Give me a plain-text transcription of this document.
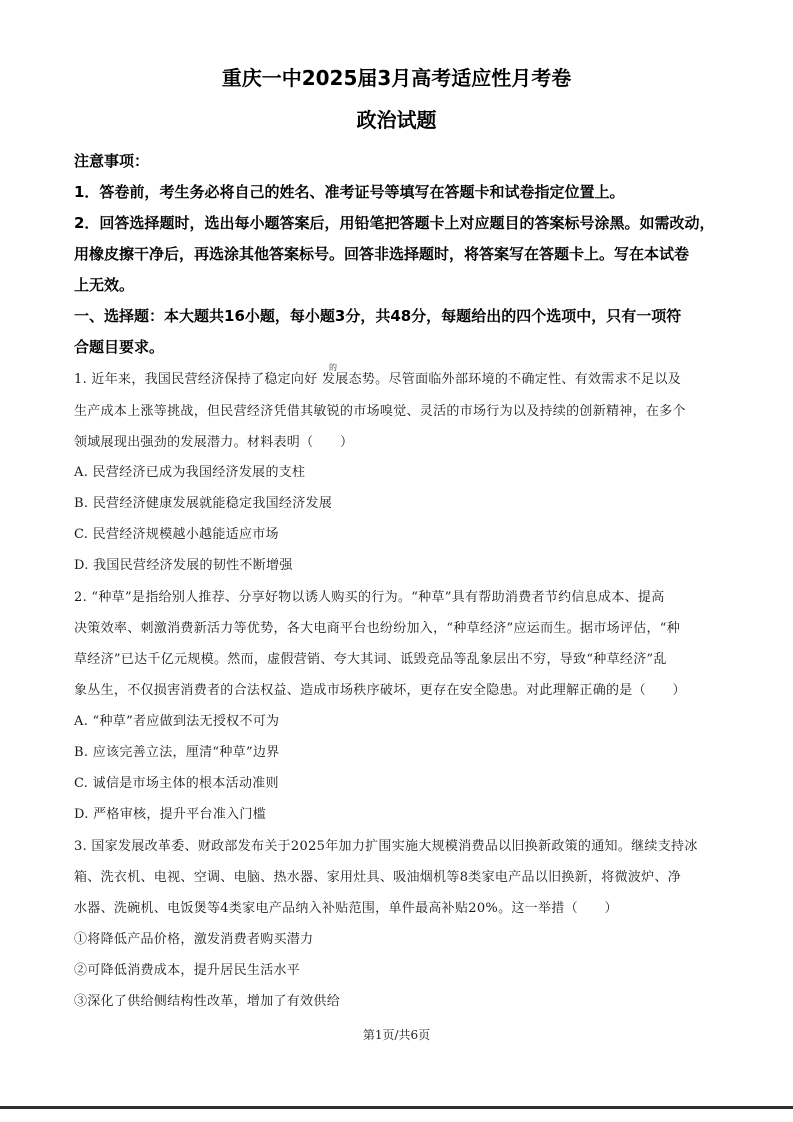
重庆一中2025届3月高考适应性月考卷
政治试题
注意事项：
1．答卷前，考生务必将自己的姓名、准考证号等填写在答题卡和试卷指定位置上。
2．回答选择题时，选出每小题答案后，用铅笔把答题卡上对应题目的答案标号涂黑。如需改动，
用橡皮擦干净后，再选涂其他答案标号。回答非选择题时，将答案写在答题卡上。写在本试卷
上无效。
一、选择题：本大题共16小题，每小题3分，共48分，每题给出的四个选项中，只有一项符
合题目要求。
1. 近年来，我国民营经济保持了稳定向好 发展态势。尽管面临外部环境的不确定性、有效需求不足以及
的
生产成本上涨等挑战，但民营经济凭借其敏锐的市场嗅觉、灵活的市场行为以及持续的创新精神，在多个
领域展现出强劲的发展潜力。材料表明（　　）
A. 民营经济已成为我国经济发展的支柱
B. 民营经济健康发展就能稳定我国经济发展
C. 民营经济规模越小越能适应市场
D. 我国民营经济发展的韧性不断增强
2. “种草”是指给别人推荐、分享好物以诱人购买的行为。“种草”具有帮助消费者节约信息成本、提高
决策效率、刺激消费新活力等优势，各大电商平台也纷纷加入，“种草经济”应运而生。据市场评估，“种
草经济”已达千亿元规模。然而，虚假营销、夸大其词、诋毁竞品等乱象层出不穷，导致“种草经济”乱
象丛生，不仅损害消费者的合法权益、造成市场秩序破坏，更存在安全隐患。对此理解正确的是（　　）
A. “种草”者应做到法无授权不可为
B. 应该完善立法，厘清“种草”边界
C. 诚信是市场主体的根本活动准则
D. 严格审核，提升平台准入门槛
3. 国家发展改革委、财政部发布关于2025年加力扩围实施大规模消费品以旧换新政策的通知。继续支持冰
箱、洗衣机、电视、空调、电脑、热水器、家用灶具、吸油烟机等8类家电产品以旧换新，将微波炉、净
水器、洗碗机、电饭煲等4类家电产品纳入补贴范围，单件最高补贴20%。这一举措（　　）
①将降低产品价格，激发消费者购买潜力
②可降低消费成本，提升居民生活水平
③深化了供给侧结构性改革，增加了有效供给
第1页/共6页
